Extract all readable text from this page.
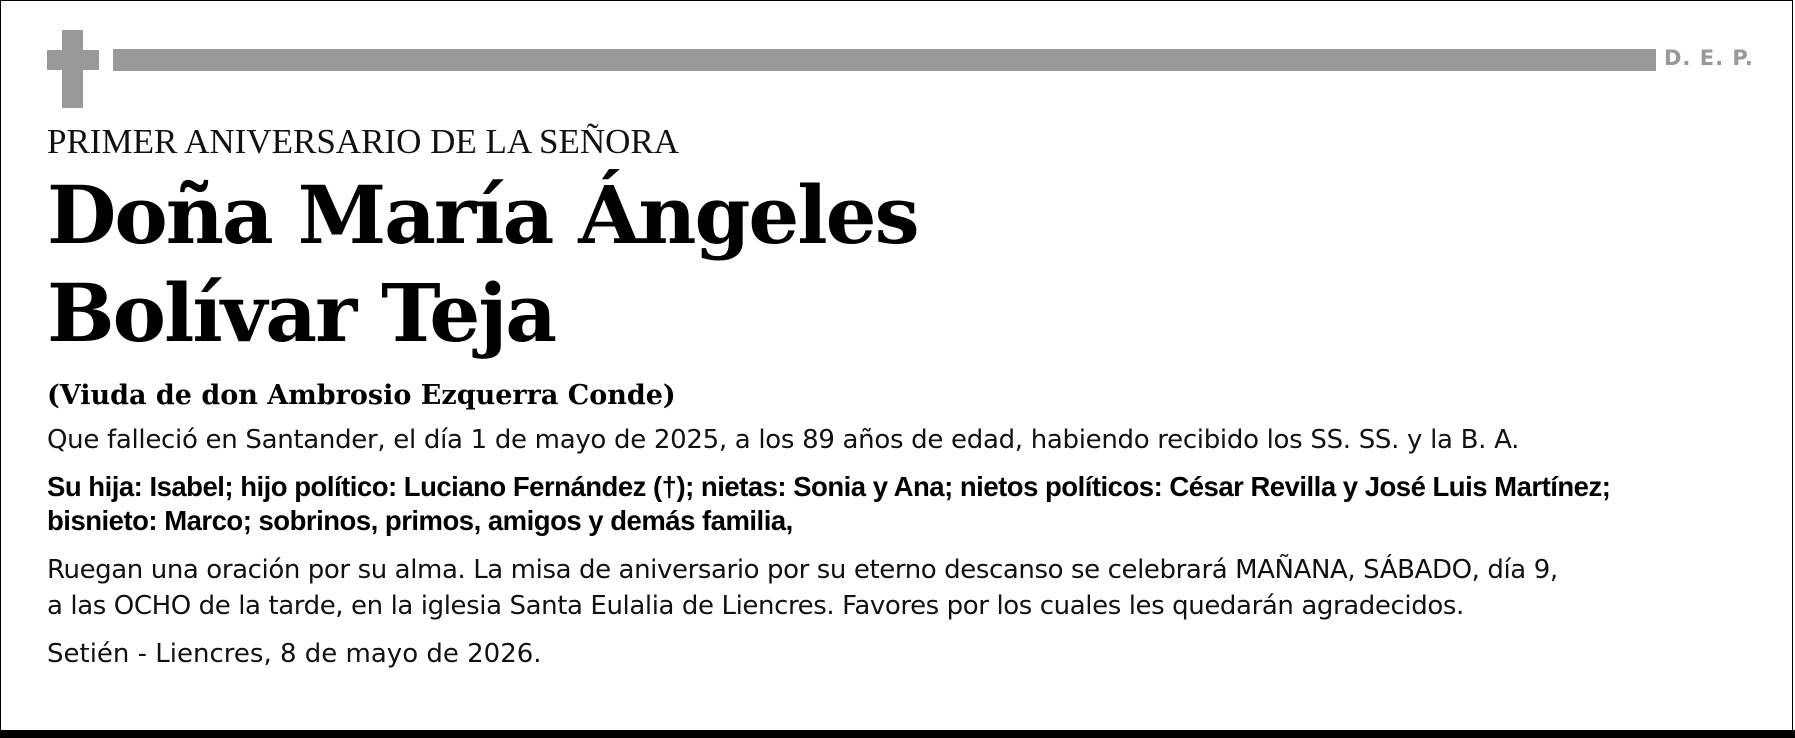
D. E. P.

PRIMER ANIVERSARIO DE LA SEÑORA

Doña María Ángeles
Bolívar Teja

(Viuda de don Ambrosio Ezquerra Conde)

Que falleció en Santander, el día 1 de mayo de 2025, a los 89 años de edad, habiendo recibido los SS. SS. y la B. A.

Su hija: Isabel; hijo político: Luciano Fernández (†); nietas: Sonia y Ana; nietos políticos: César Revilla y José Luis Martínez;
bisnieto: Marco; sobrinos, primos, amigos y demás familia,
Ruegan una oración por su alma. La misa de aniversario por su eterno descanso se celebrará MAÑANA, SÁBADO, día 9,
a las OCHO de la tarde, en la iglesia Santa Eulalia de Liencres. Favores por los cuales les quedarán agradecidos.

Setién - Liencres, 8 de mayo de 2026.
